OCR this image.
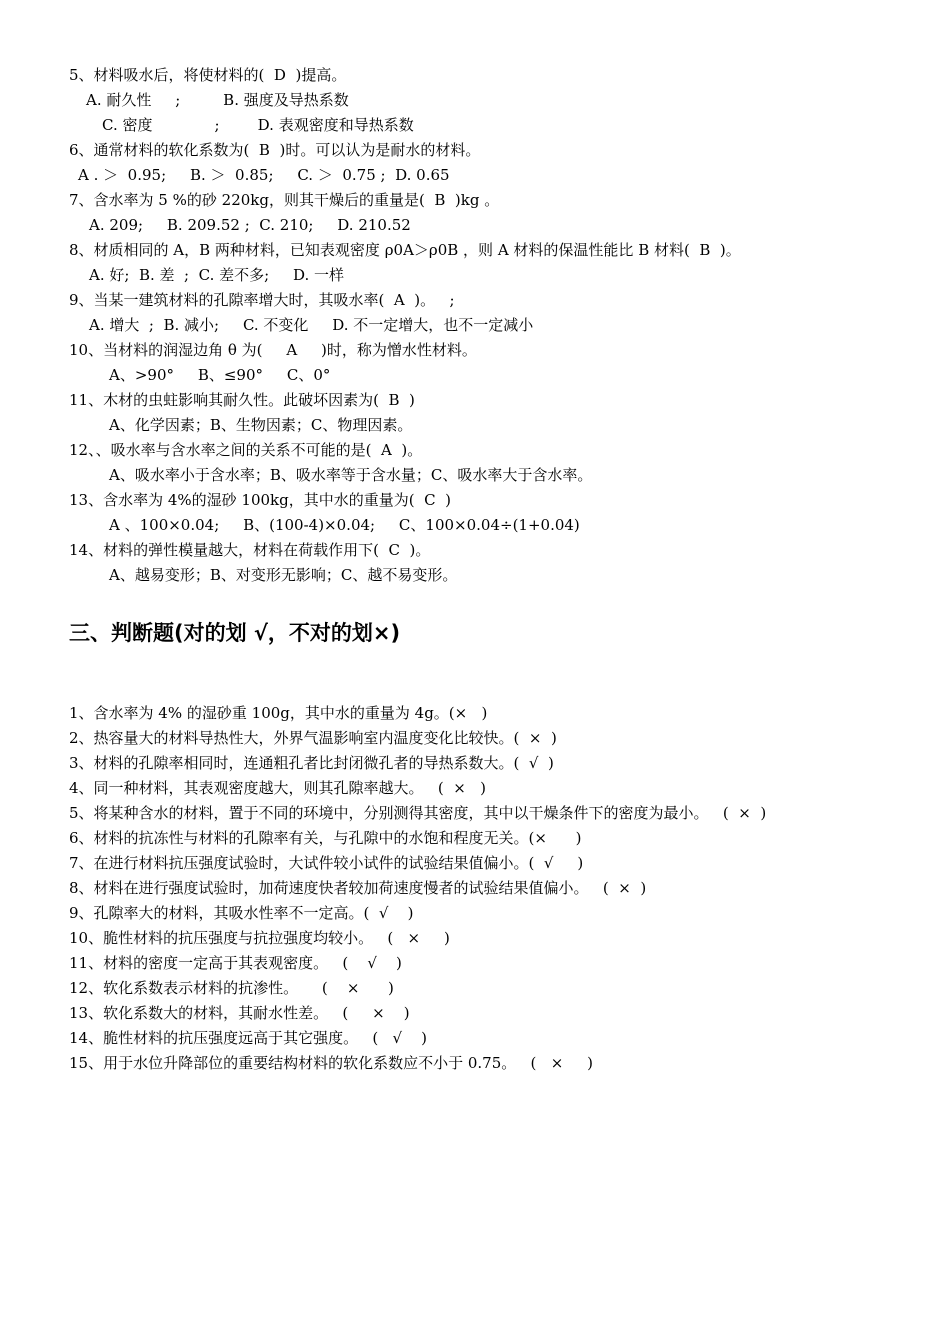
5、材料吸水后，将使材料的(  D  )提高。
A. 耐久性     ;         B. 强度及导热系数
C. 密度             ;        D. 表观密度和导热系数
6、通常材料的软化系数为(  B  )时。可以认为是耐水的材料。
A . ＞  0.95;     B. ＞  0.85;     C. ＞  0.75 ;  D. 0.65
7、含水率为 5 %的砂 220kg，则其干燥后的重量是(  B  )kg 。
A. 209;     B. 209.52 ;  C. 210;     D. 210.52
8、材质相同的 A，B 两种材料，已知表观密度 ρ0A＞ρ0B ，则 A 材料的保温性能比 B 材料(  B  )。
A. 好;  B. 差  ;  C. 差不多;     D. 一样
9、当某一建筑材料的孔隙率增大时，其吸水率(  A  )。   ;
A. 增大  ;  B. 减小;     C. 不变化     D. 不一定增大，也不一定减小
10、当材料的润湿边角 θ 为(     A     )时，称为憎水性材料。
A、>90°     B、≤90°     C、0°
11、木材的虫蛀影响其耐久性。此破坏因素为(  B  )
A、化学因素；B、生物因素；C、物理因素。
12、、吸水率与含水率之间的关系不可能的是(  A  )。
A、吸水率小于含水率；B、吸水率等于含水量；C、吸水率大于含水率。
13、含水率为 4%的湿砂 100kg，其中水的重量为(  C  )
A 、100×0.04;     B、(100-4)×0.04;     C、100×0.04÷(1+0.04)
14、材料的弹性模量越大，材料在荷载作用下(  C  )。
A、越易变形；B、对变形无影响；C、越不易变形。
三、判断题(对的划 √，不对的划×)
1、含水率为 4% 的湿砂重 100g，其中水的重量为 4g。(×   )
2、热容量大的材料导热性大，外界气温影响室内温度变化比较快。(  ×  )
3、材料的孔隙率相同时，连通粗孔者比封闭微孔者的导热系数大。(  √  )
4、同一种材料，其表观密度越大，则其孔隙率越大。   (  ×   )
5、将某种含水的材料，置于不同的环境中，分别测得其密度，其中以干燥条件下的密度为最小。   (  ×  )
6、材料的抗冻性与材料的孔隙率有关，与孔隙中的水饱和程度无关。(×      )
7、在进行材料抗压强度试验时，大试件较小试件的试验结果值偏小。(  √     )
8、材料在进行强度试验时，加荷速度快者较加荷速度慢者的试验结果值偏小。   (  ×  )
9、孔隙率大的材料，其吸水性率不一定高。(  √    )
10、脆性材料的抗压强度与抗拉强度均较小。   (   ×     )
11、材料的密度一定高于其表观密度。   (    √    )
12、软化系数表示材料的抗渗性。     (    ×      )
13、软化系数大的材料，其耐水性差。   (     ×    )
14、脆性材料的抗压强度远高于其它强度。   (   √    )
15、用于水位升降部位的重要结构材料的软化系数应不小于 0.75。   (   ×     )
